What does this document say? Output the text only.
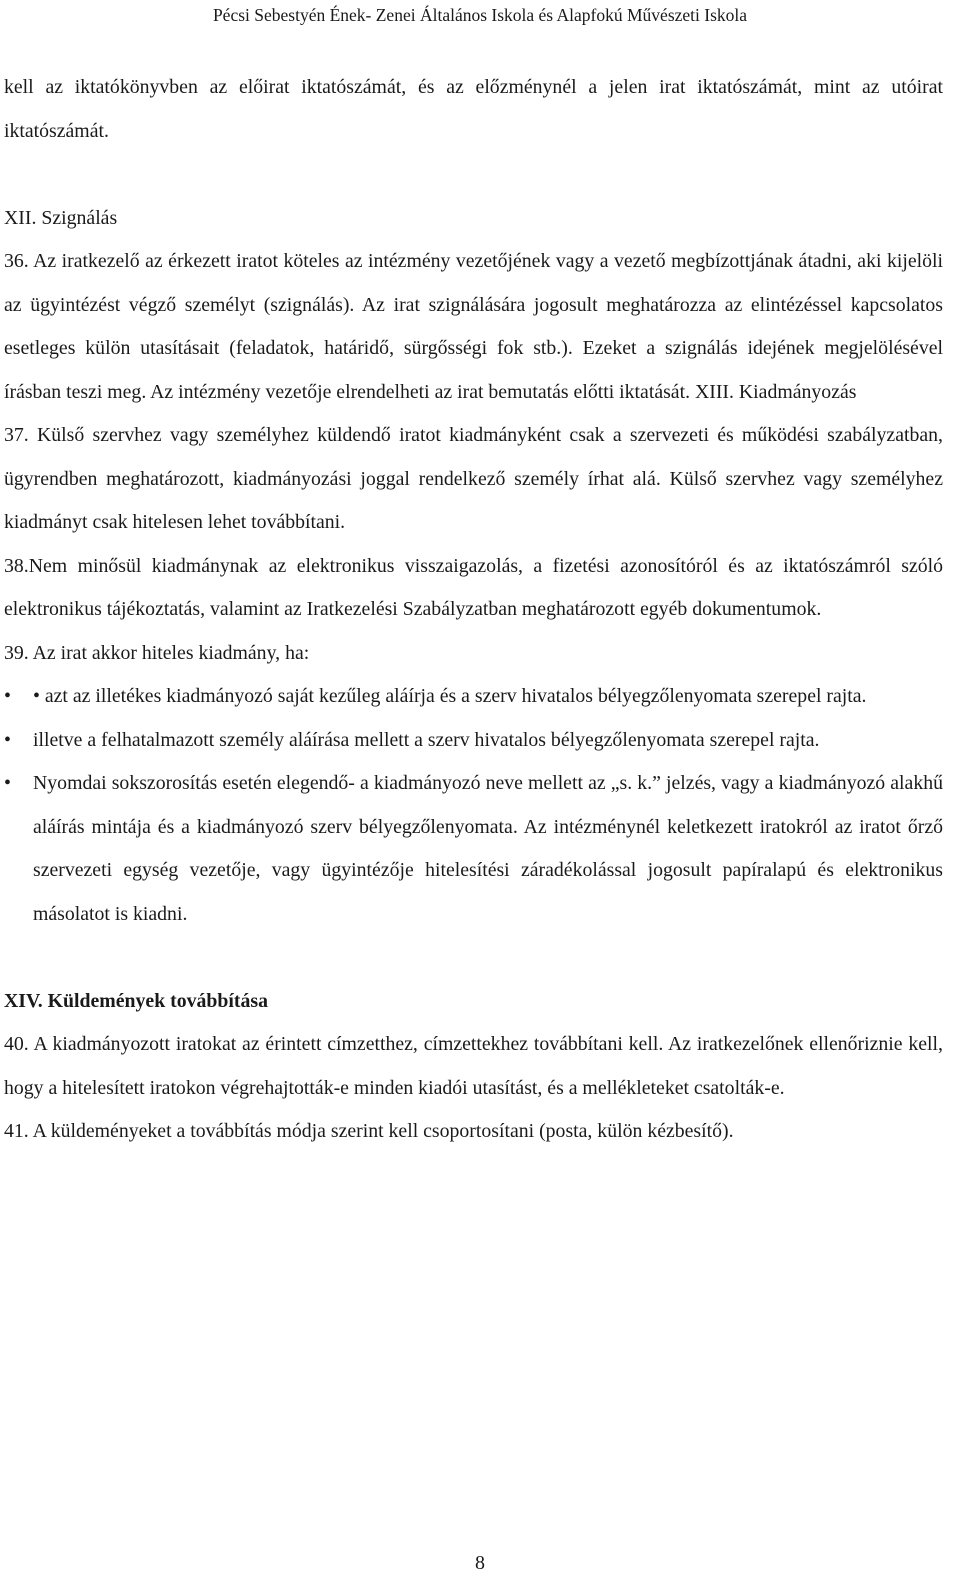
Pécsi Sebestyén Ének- Zenei Általános Iskola és Alapfokú Művészeti Iskola

kell az iktatókönyvben az előirat iktatószámát, és az előzménynél a jelen irat iktatószámát, mint az utóirat iktatószámát.

XII. Szignálás

36. Az iratkezelő az érkezett iratot köteles az intézmény vezetőjének vagy a vezető megbízottjának átadni, aki kijelöli az ügyintézést végző személyt (szignálás). Az irat szignálására jogosult meghatározza az elintézéssel kapcsolatos esetleges külön utasításait (feladatok, határidő, sürgősségi fok stb.). Ezeket a szignálás idejének megjelölésével írásban teszi meg. Az intézmény vezetője elrendelheti az irat bemutatás előtti iktatását. XIII. Kiadmányozás

37. Külső szervhez vagy személyhez küldendő iratot kiadmányként csak a szervezeti és működési szabályzatban, ügyrendben meghatározott, kiadmányozási joggal rendelkező személy írhat alá. Külső szervhez vagy személyhez kiadmányt csak hitelesen lehet továbbítani.

38.Nem minősül kiadmánynak az elektronikus visszaigazolás, a fizetési azonosítóról és az iktatószámról szóló elektronikus tájékoztatás, valamint az Iratkezelési Szabályzatban meghatározott egyéb dokumentumok.

39. Az irat akkor hiteles kiadmány, ha:

• • azt az illetékes kiadmányozó saját kezűleg aláírja és a szerv hivatalos bélyegzőlenyomata szerepel rajta.

• illetve a felhatalmazott személy aláírása mellett a szerv hivatalos bélyegzőlenyomata szerepel rajta.

• Nyomdai sokszorosítás esetén elegendő- a kiadmányozó neve mellett az „s. k.” jelzés, vagy a kiadmányozó alakhű aláírás mintája és a kiadmányozó szerv bélyegzőlenyomata. Az intézménynél keletkezett iratokról az iratot őrző szervezeti egység vezetője, vagy ügyintézője hitelesítési záradékolással jogosult papíralapú és elektronikus másolatot is kiadni.

XIV. Küldemények továbbítása

40. A kiadmányozott iratokat az érintett címzetthez, címzettekhez továbbítani kell. Az iratkezelőnek ellenőriznie kell, hogy a hitelesített iratokon végrehajtották-e minden kiadói utasítást, és a mellékleteket csatolták-e.

41. A küldeményeket a továbbítás módja szerint kell csoportosítani (posta, külön kézbesítő).

8
